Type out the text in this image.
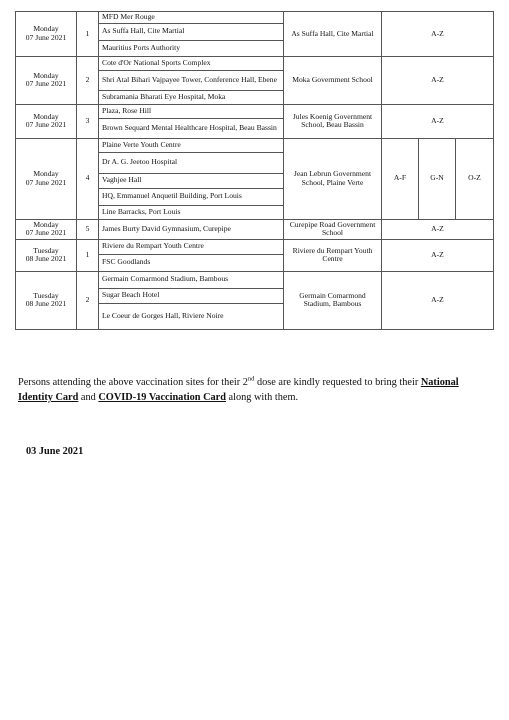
Monday
07 June 2021	1	MFD Mer Rouge	As Suffa Hall, Cite Martial	A-Z		
		As Suffa Hall, Cite Martial				
		Mauritius Ports Authority				

Monday
07 June 2021	2	Cote d'Or National Sports Complex	Moka Government School	A-Z		
		Shri Atal Bihari Vajpayee Tower, Conference Hall, Ebene				
		Subramania Bharati Eye Hospital, Moka				

Monday
07 June 2021	3	Plaza, Rose Hill	Jules Koenig Government School, Beau Bassin	A-Z		
		Brown Sequard Mental Healthcare Hospital, Beau Bassin				

Monday
07 June 2021	4	Plaine Verte Youth Centre	Jean Lebrun Government School, Plaine Verte	A-F	G-N	O-Z
		Dr A. G. Jeetoo Hospital				
		Vaghjee Hall				
		HQ, Emmanuel Anquetil Building, Port Louis				
		Line Barracks, Port Louis				

Monday
07 June 2021	5	James Burty David Gymnasium, Curepipe	Curepipe Road Government School	A-Z		

Tuesday
08 June 2021	1	Riviere du Rempart Youth Centre	Riviere du Rempart Youth Centre	A-Z		
		FSC Goodlands				

Tuesday
08 June 2021	2	Germain Comarmond Stadium, Bambous	Germain Comarmond Stadium, Bambous	A-Z		
		Sugar Beach Hotel				
		Le Coeur de Gorges Hall, Riviere Noire				
Persons attending the above vaccination sites for their 2nd dose are kindly requested to bring their National Identity Card and COVID-19 Vaccination Card along with them.
03 June 2021
